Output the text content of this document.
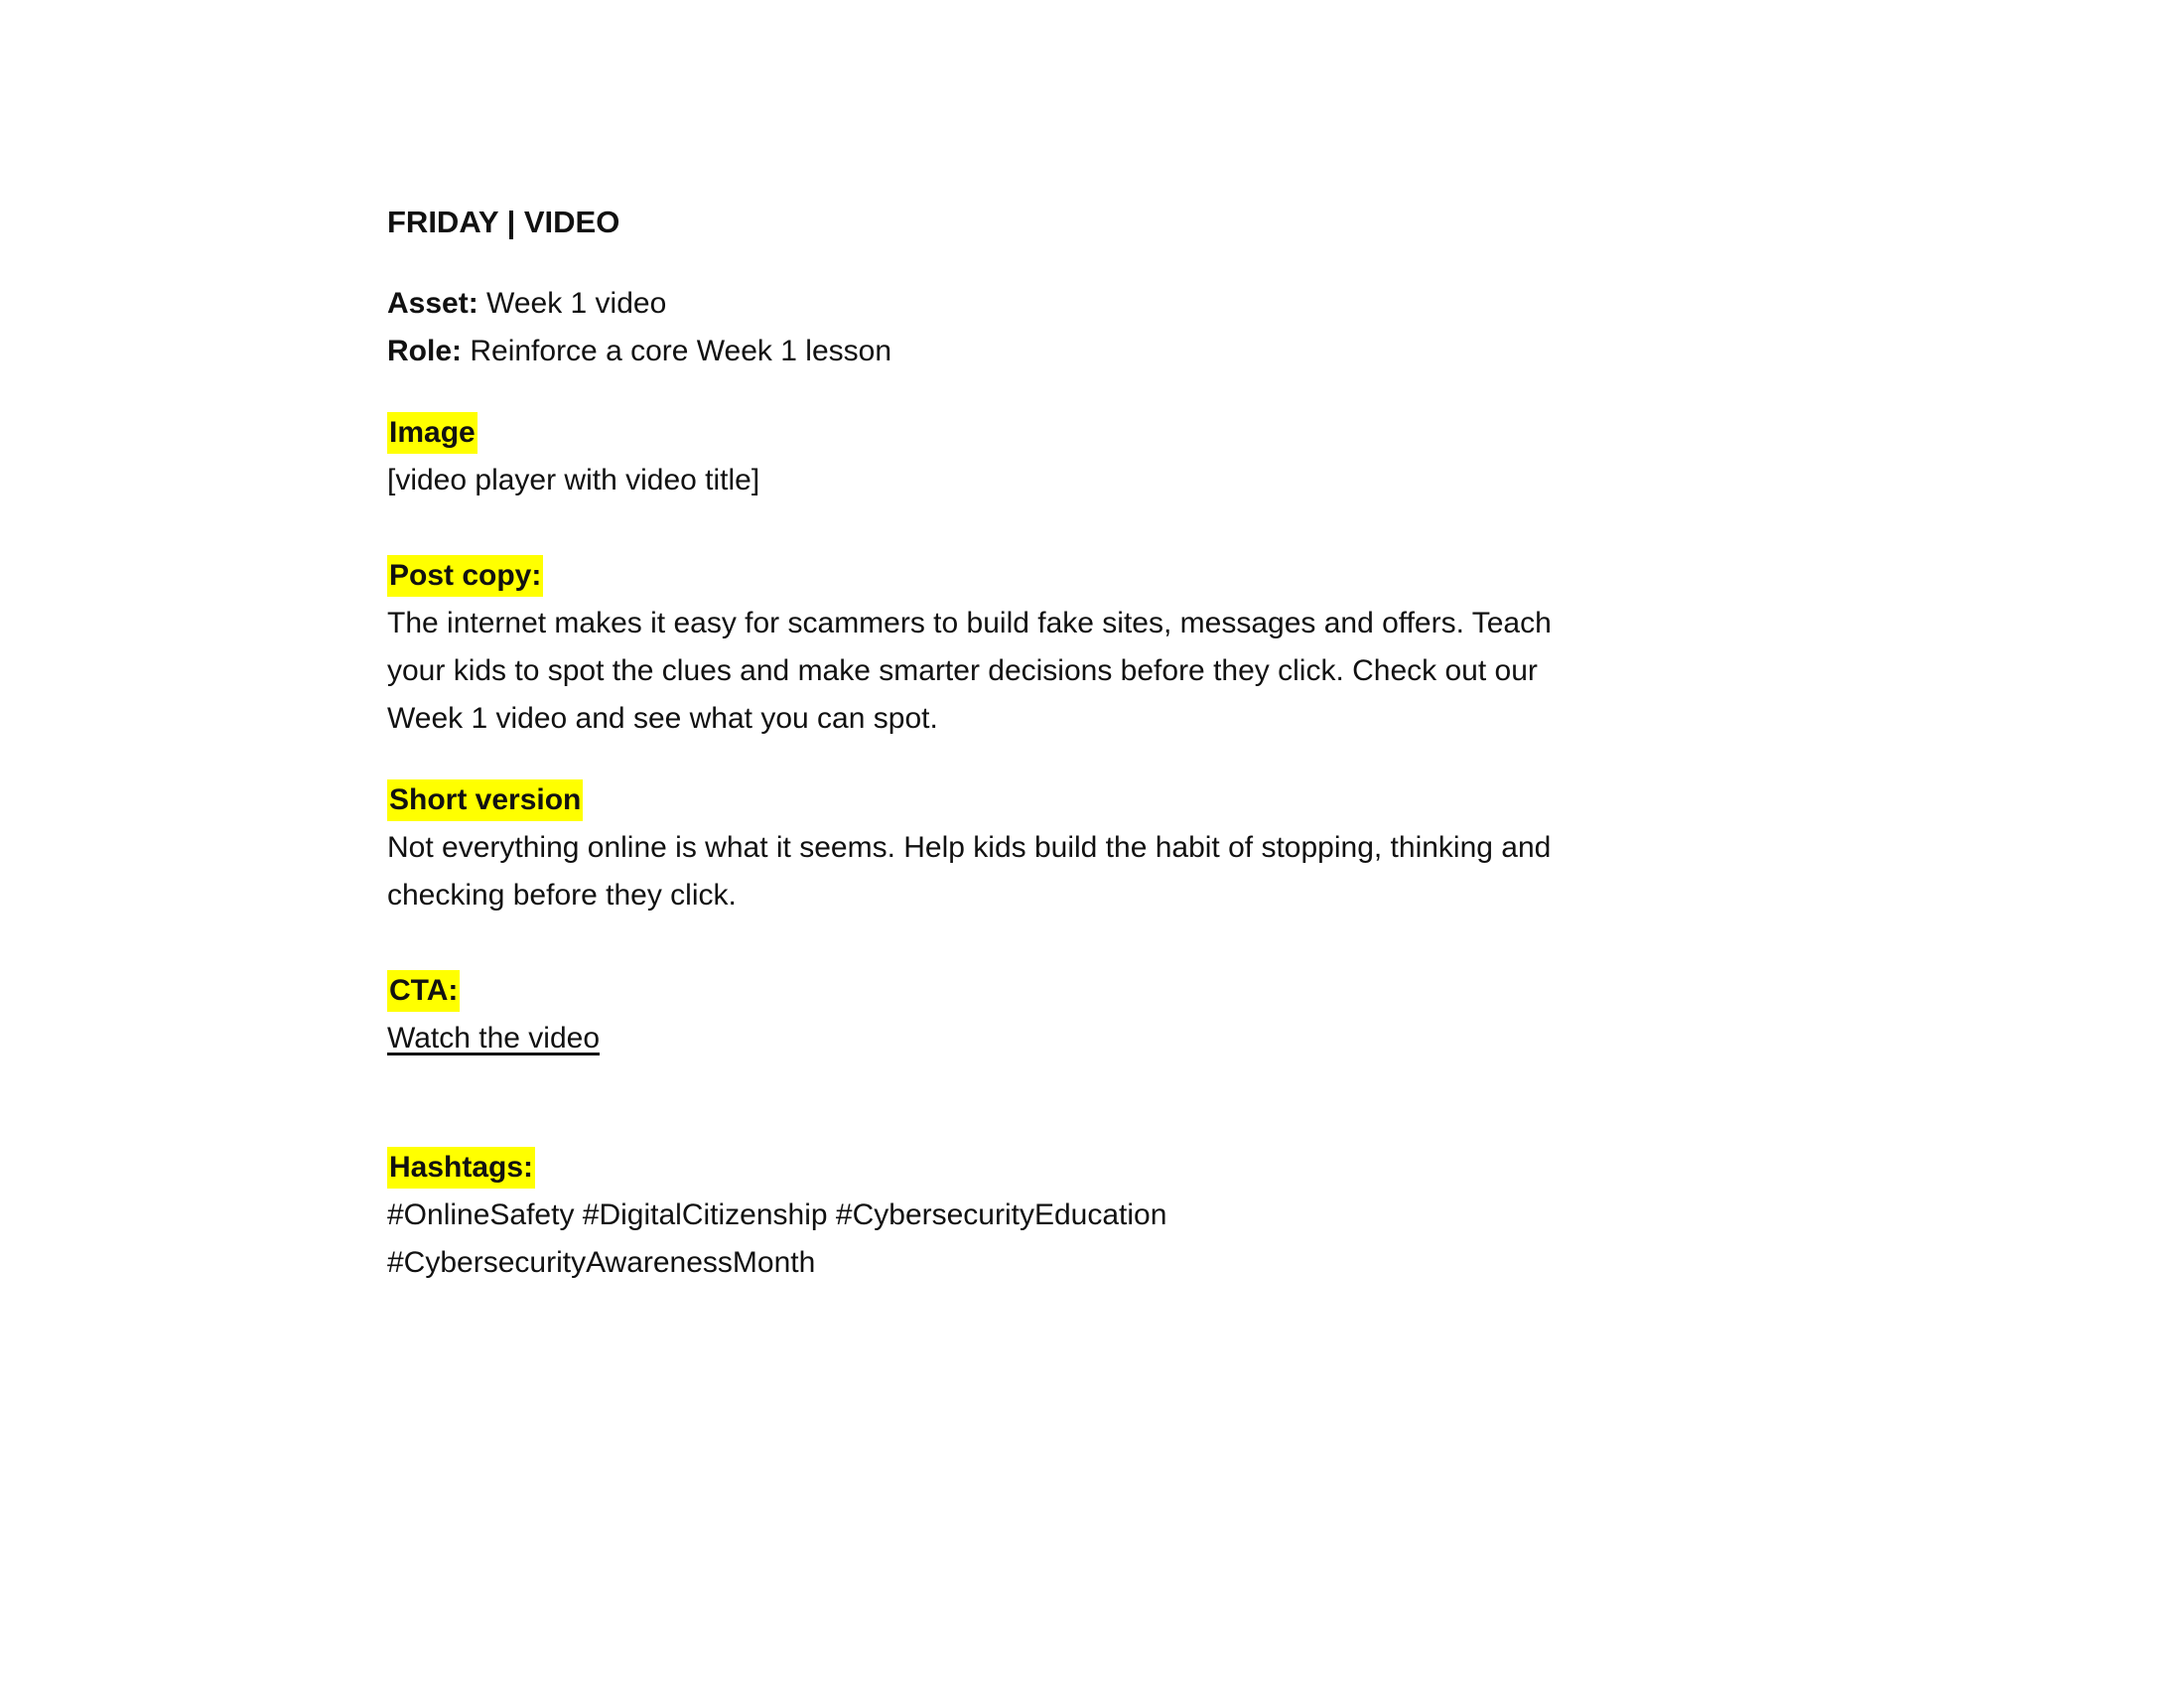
FRIDAY | VIDEO

Asset: Week 1 video

Role: Reinforce a core Week 1 lesson

Image

[video player with video title]

Post copy:

The internet makes it easy for scammers to build fake sites, messages and offers. Teach

your kids to spot the clues and make smarter decisions before they click. Check out our

Week 1 video and see what you can spot.

Short version

Not everything online is what it seems. Help kids build the habit of stopping, thinking and

checking before they click.

CTA:

Watch the video

Hashtags:

#OnlineSafety #DigitalCitizenship #CybersecurityEducation

#CybersecurityAwarenessMonth
